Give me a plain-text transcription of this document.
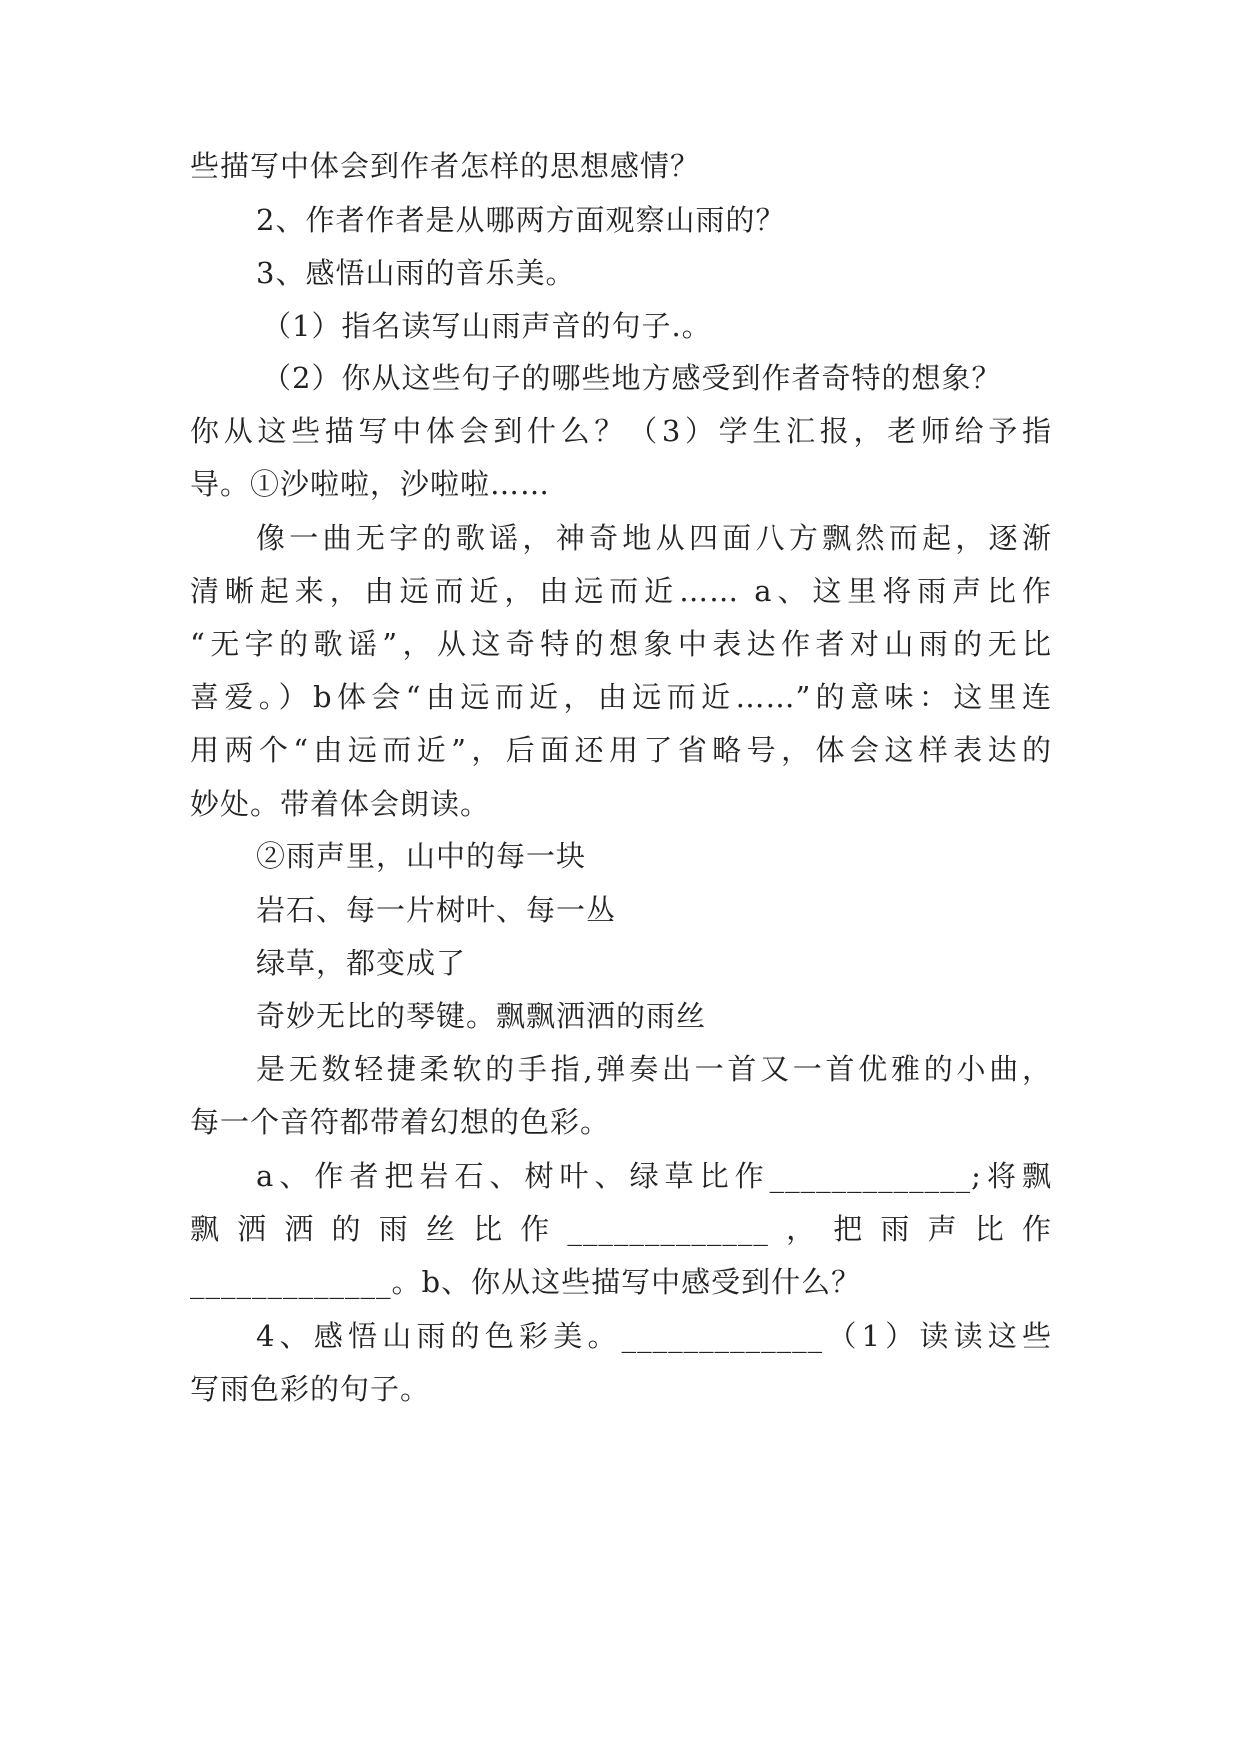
些描写中体会到作者怎样的思想感情？
2、作者作者是从哪两方面观察山雨的？
3、感悟山雨的音乐美。
（1）指名读写山雨声音的句子.。
（2）你从这些句子的哪些地方感受到作者奇特的想象？
你从这些描写中体会到什么？（3）学生汇报，老师给予指
导。①沙啦啦，沙啦啦……
像一曲无字的歌谣，神奇地从四面八方飘然而起，逐渐
清晰起来，由远而近，由远而近…… a、这里将雨声比作
“无字的歌谣”，从这奇特的想象中表达作者对山雨的无比
喜爱。）b体会“由远而近，由远而近……”的意味：这里连
用两个“由远而近”，后面还用了省略号，体会这样表达的
妙处。带着体会朗读。
②雨声里，山中的每一块
岩石、每一片树叶、每一丛
绿草，都变成了
奇妙无比的琴键。飘飘洒洒的雨丝
是无数轻捷柔软的手指,弹奏出一首又一首优雅的小曲，
每一个音符都带着幻想的色彩。
a、作者把岩石、树叶、绿草比作_____________;将飘
飘洒洒的雨丝比作_____________，把雨声比作
_____________。b、你从这些描写中感受到什么？
4、感悟山雨的色彩美。_____________（1）读读这些
写雨色彩的句子。
